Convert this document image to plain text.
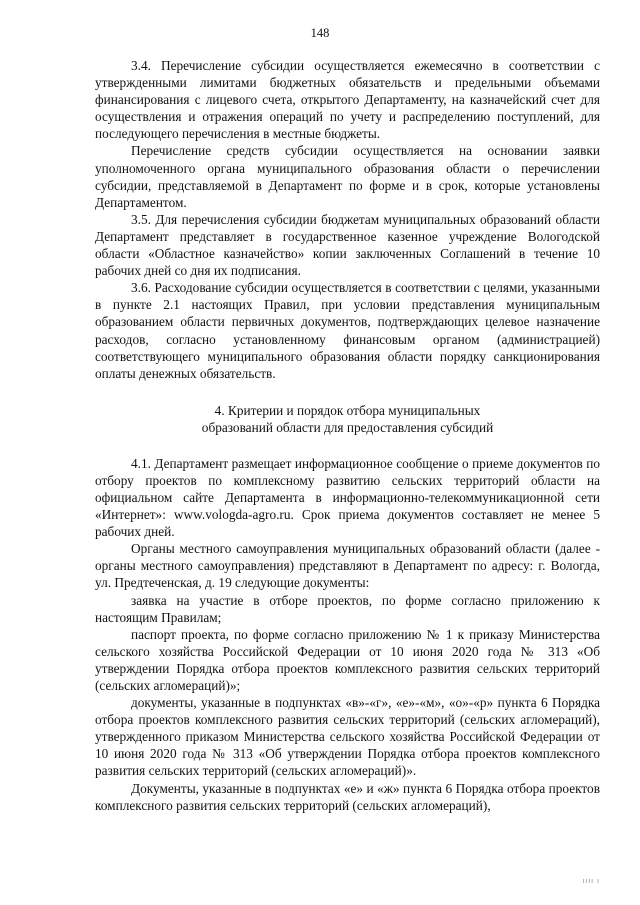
148

3.4. Перечисление субсидии осуществляется ежемесячно в соответствии с утвержденными лимитами бюджетных обязательств и предельными объемами финансирования с лицевого счета, открытого Департаменту, на казначейский счет для осуществления и отражения операций по учету и распределению поступлений, для последующего перечисления в местные бюджеты.

Перечисление средств субсидии осуществляется на основании заявки уполномоченного органа муниципального образования области о перечислении субсидии, представляемой в Департамент по форме и в срок, которые установлены Департаментом.

3.5. Для перечисления субсидии бюджетам муниципальных образований области Департамент представляет в государственное казенное учреждение Вологодской области «Областное казначейство» копии заключенных Соглашений в течение 10 рабочих дней со дня их подписания.

3.6. Расходование субсидии осуществляется в соответствии с целями, указанными в пункте 2.1 настоящих Правил, при условии представления муниципальным образованием области первичных документов, подтверждающих целевое назначение расходов, согласно установленному финансовым органом (администрацией) соответствующего муниципального образования области порядку санкционирования оплаты денежных обязательств.

4. Критерии и порядок отбора муниципальных
образований области для предоставления субсидий

4.1. Департамент размещает информационное сообщение о приеме документов по отбору проектов по комплексному развитию сельских территорий области на официальном сайте Департамента в информационно-телекоммуникационной сети «Интернет»: www.vologda-agro.ru. Срок приема документов составляет не менее 5 рабочих дней.

Органы местного самоуправления муниципальных образований области (далее - органы местного самоуправления) представляют в Департамент по адресу: г. Вологда, ул. Предтеченская, д. 19 следующие документы:

заявка на участие в отборе проектов, по форме согласно приложению к настоящим Правилам;

паспорт проекта, по форме согласно приложению № 1 к приказу Министерства сельского хозяйства Российской Федерации от 10 июня 2020 года № 313 «Об утверждении Порядка отбора проектов комплексного развития сельских территорий (сельских агломераций)»;

документы, указанные в подпунктах «в»-«г», «е»-«м», «о»-«р» пункта 6 Порядка отбора проектов комплексного развития сельских территорий (сельских агломераций), утвержденного приказом Министерства сельского хозяйства Российской Федерации от 10 июня 2020 года № 313 «Об утверждении Порядка отбора проектов комплексного развития сельских территорий (сельских агломераций)».

Документы, указанные в подпунктах «е» и «ж» пункта 6 Порядка отбора проектов комплексного развития сельских территорий (сельских агломераций),

ıııı ı
